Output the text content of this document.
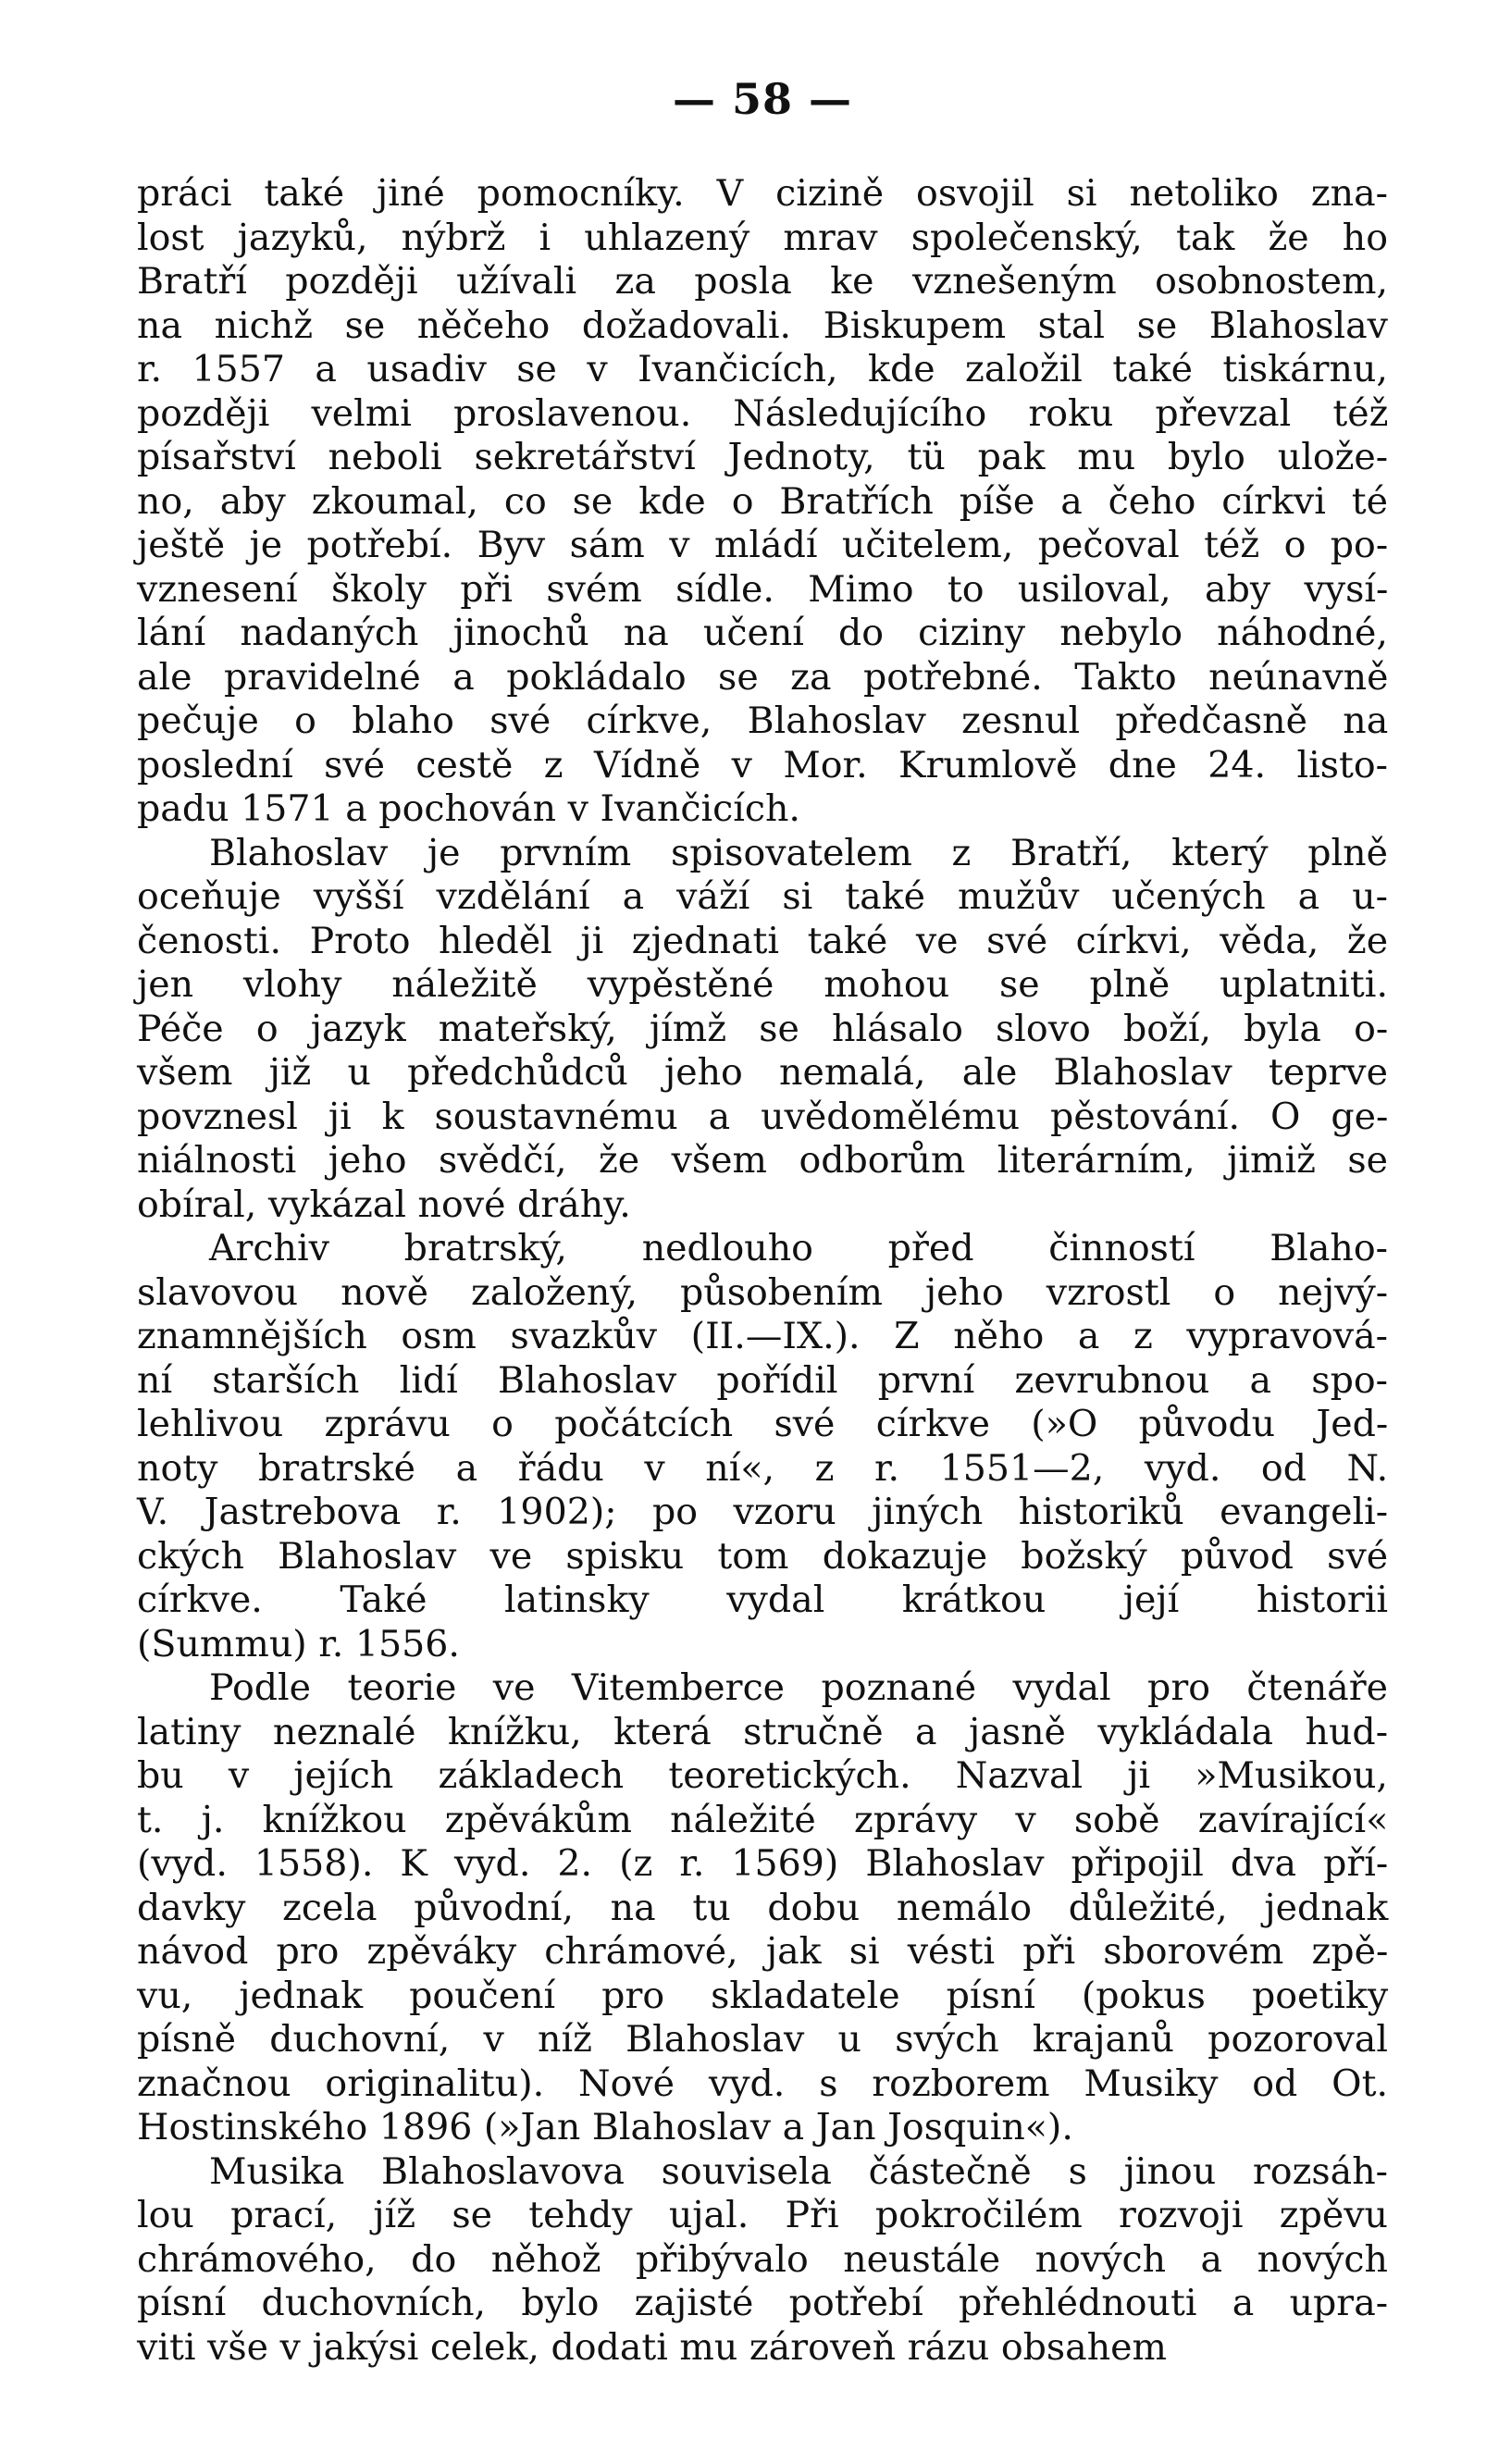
— 58 —
práci také jiné pomocníky. V cizině osvojil si netoliko zna-
lost jazyků, nýbrž i uhlazený mrav společenský, tak že ho
Bratří později užívali za posla ke vznešeným osobnostem,
na nichž se něčeho dožadovali. Biskupem stal se Blahoslav
r. 1557 a usadiv se v Ivančicích, kde založil také tiskárnu,
později velmi proslavenou. Následujícího roku převzal též
písařství neboli sekretářství Jednoty, tü pak mu bylo ulože-
no, aby zkoumal, co se kde o Bratřích píše a čeho církvi té
ještě je potřebí. Byv sám v mládí učitelem, pečoval též o po-
vznesení školy při svém sídle. Mimo to usiloval, aby vysí-
lání nadaných jinochů na učení do ciziny nebylo náhodné,
ale pravidelné a pokládalo se za potřebné. Takto neúnavně
pečuje o blaho své církve, Blahoslav zesnul předčasně na
poslední své cestě z Vídně v Mor. Krumlově dne 24. listo-
padu 1571 a pochován v Ivančicích.
Blahoslav je prvním spisovatelem z Bratří, který plně
oceňuje vyšší vzdělání a váží si také mužův učených a u-
čenosti. Proto hleděl ji zjednati také ve své církvi, věda, že
jen vlohy náležitě vypěstěné mohou se plně uplatniti.
Péče o jazyk mateřský, jímž se hlásalo slovo boží, byla o-
všem již u předchůdců jeho nemalá, ale Blahoslav teprve
povznesl ji k soustavnému a uvědomělému pěstování. O ge-
niálnosti jeho svědčí, že všem odborům literárním, jimiž se
obíral, vykázal nové dráhy.
Archiv bratrský, nedlouho před činností Blaho-
slavovou nově založený, působením jeho vzrostl o nejvý-
znamnějších osm svazkův (II.—IX.). Z něho a z vypravová-
ní starších lidí Blahoslav pořídil první zevrubnou a spo-
lehlivou zprávu o počátcích své církve (»O původu Jed-
noty bratrské a řádu v ní«, z r. 1551—2, vyd. od N.
V. Jastrebova r. 1902); po vzoru jiných historiků evangeli-
ckých Blahoslav ve spisku tom dokazuje božský původ své
církve. Také latinsky vydal krátkou její historii
(Summu) r. 1556.
Podle teorie ve Vitemberce poznané vydal pro čtenáře
latiny neznalé knížku, která stručně a jasně vykládala hud-
bu v jejích základech teoretických. Nazval ji »Musikou,
t. j. knížkou zpěvákům náležité zprávy v sobě zavírající«
(vyd. 1558). K vyd. 2. (z r. 1569) Blahoslav připojil dva pří-
davky zcela původní, na tu dobu nemálo důležité, jednak
návod pro zpěváky chrámové, jak si vésti při sborovém zpě-
vu, jednak poučení pro skladatele písní (pokus poetiky
písně duchovní, v níž Blahoslav u svých krajanů pozoroval
značnou originalitu). Nové vyd. s rozborem Musiky od Ot.
Hostinského 1896 (»Jan Blahoslav a Jan Josquin«).
Musika Blahoslavova souvisela částečně s jinou rozsáh-
lou prací, jíž se tehdy ujal. Při pokročilém rozvoji zpěvu
chrámového, do něhož přibývalo neustále nových a nových
písní duchovních, bylo zajisté potřebí přehlédnouti a upra-
viti vše v jakýsi celek, dodati mu zároveň rázu obsahem
